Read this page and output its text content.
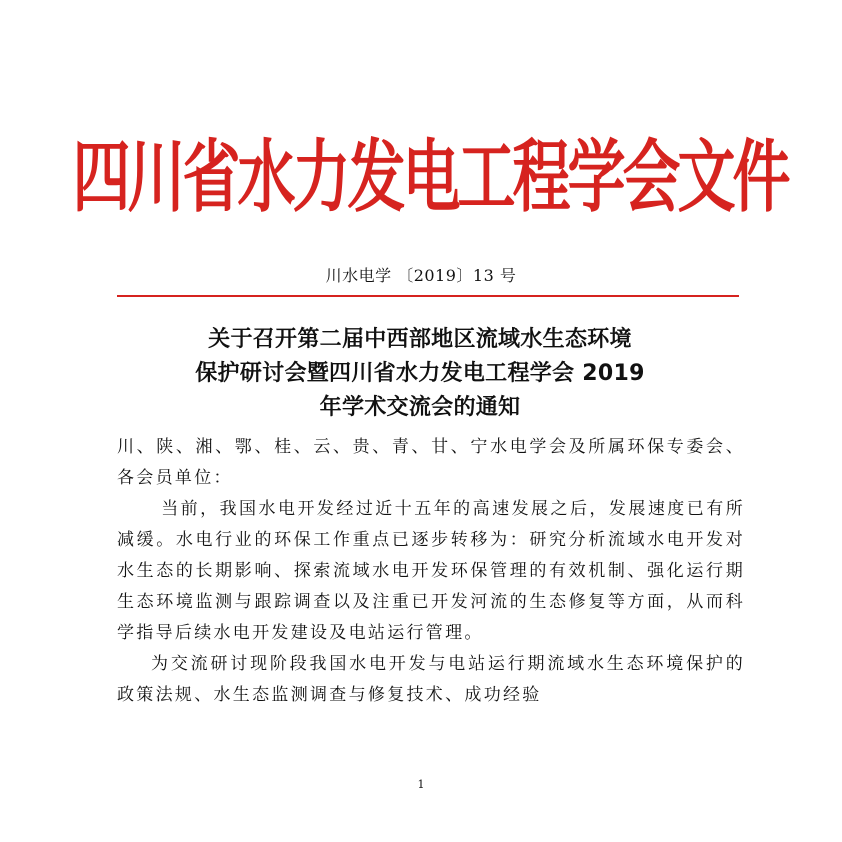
四川省水力发电工程学会文件
川水电学 〔2019〕13 号
关于召开第二届中西部地区流域水生态环境
保护研讨会暨四川省水力发电工程学会 2019
年学术交流会的通知

川、陕、湘、鄂、桂、云、贵、青、甘、宁水电学会及所属环保专委会、各会员单位：

当前，我国水电开发经过近十五年的高速发展之后，发展速度已有所减缓。水电行业的环保工作重点已逐步转移为：研究分析流域水电开发对水生态的长期影响、探索流域水电开发环保管理的有效机制、强化运行期生态环境监测与跟踪调查以及注重已开发河流的生态修复等方面，从而科学指导后续水电开发建设及电站运行管理。

为交流研讨现阶段我国水电开发与电站运行期流域水生态环境保护的政策法规、水生态监测调查与修复技术、成功经验

1
